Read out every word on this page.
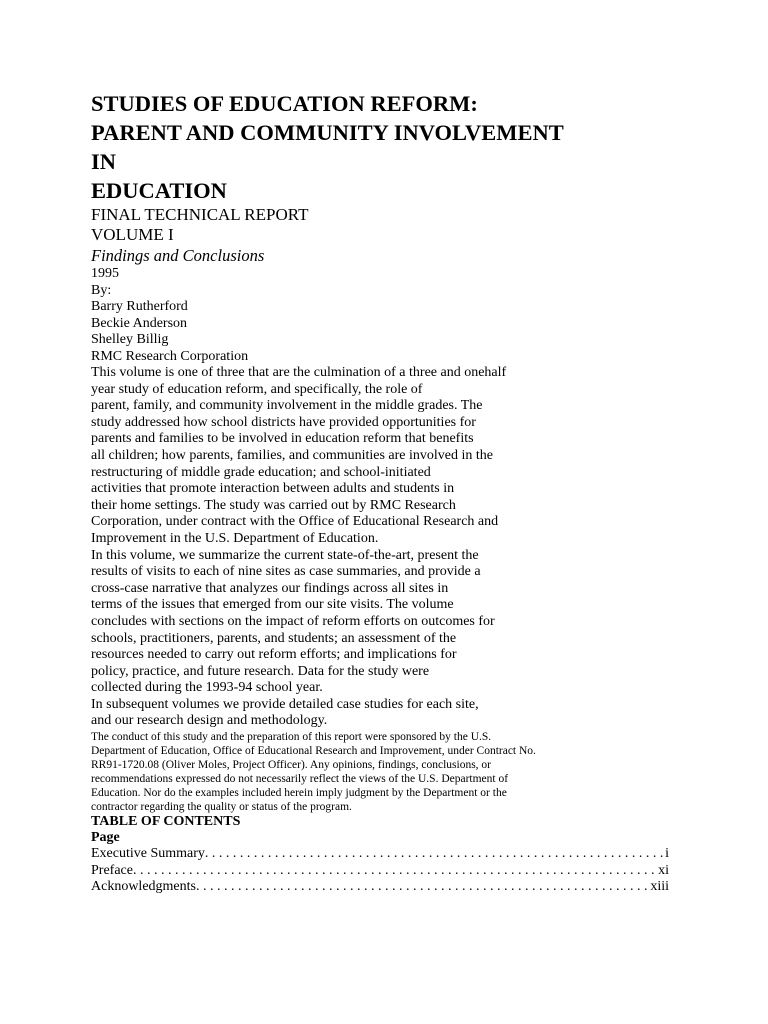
STUDIES OF EDUCATION REFORM:
PARENT AND COMMUNITY INVOLVEMENT
IN
EDUCATION
FINAL TECHNICAL REPORT
VOLUME I
Findings and Conclusions
1995
By:
Barry Rutherford
Beckie Anderson
Shelley Billig
RMC Research Corporation
This volume is one of three that are the culmination of a three and onehalf
year study of education reform, and specifically, the role of
parent, family, and community involvement in the middle grades. The
study addressed how school districts have provided opportunities for
parents and families to be involved in education reform that benefits
all children; how parents, families, and communities are involved in the
restructuring of middle grade education; and school-initiated
activities that promote interaction between adults and students in
their home settings. The study was carried out by RMC Research
Corporation, under contract with the Office of Educational Research and
Improvement in the U.S. Department of Education.
In this volume, we summarize the current state-of-the-art, present the
results of visits to each of nine sites as case summaries, and provide a
cross-case narrative that analyzes our findings across all sites in
terms of the issues that emerged from our site visits. The volume
concludes with sections on the impact of reform efforts on outcomes for
schools, practitioners, parents, and students; an assessment of the
resources needed to carry out reform efforts; and implications for
policy, practice, and future research. Data for the study were
collected during the 1993-94 school year.
In subsequent volumes we provide detailed case studies for each site,
and our research design and methodology.
The conduct of this study and the preparation of this report were sponsored by the U.S.
Department of Education, Office of Educational Research and Improvement, under Contract No.
RR91-1720.08 (Oliver Moles, Project Officer). Any opinions, findings, conclusions, or
recommendations expressed do not necessarily reflect the views of the U.S. Department of
Education. Nor do the examples included herein imply judgment by the Department or the
contractor regarding the quality or status of the program.
TABLE OF CONTENTS
Page
Executive Summary . . .	i
Preface . . .	xi
Acknowledgments . . .	xiii
